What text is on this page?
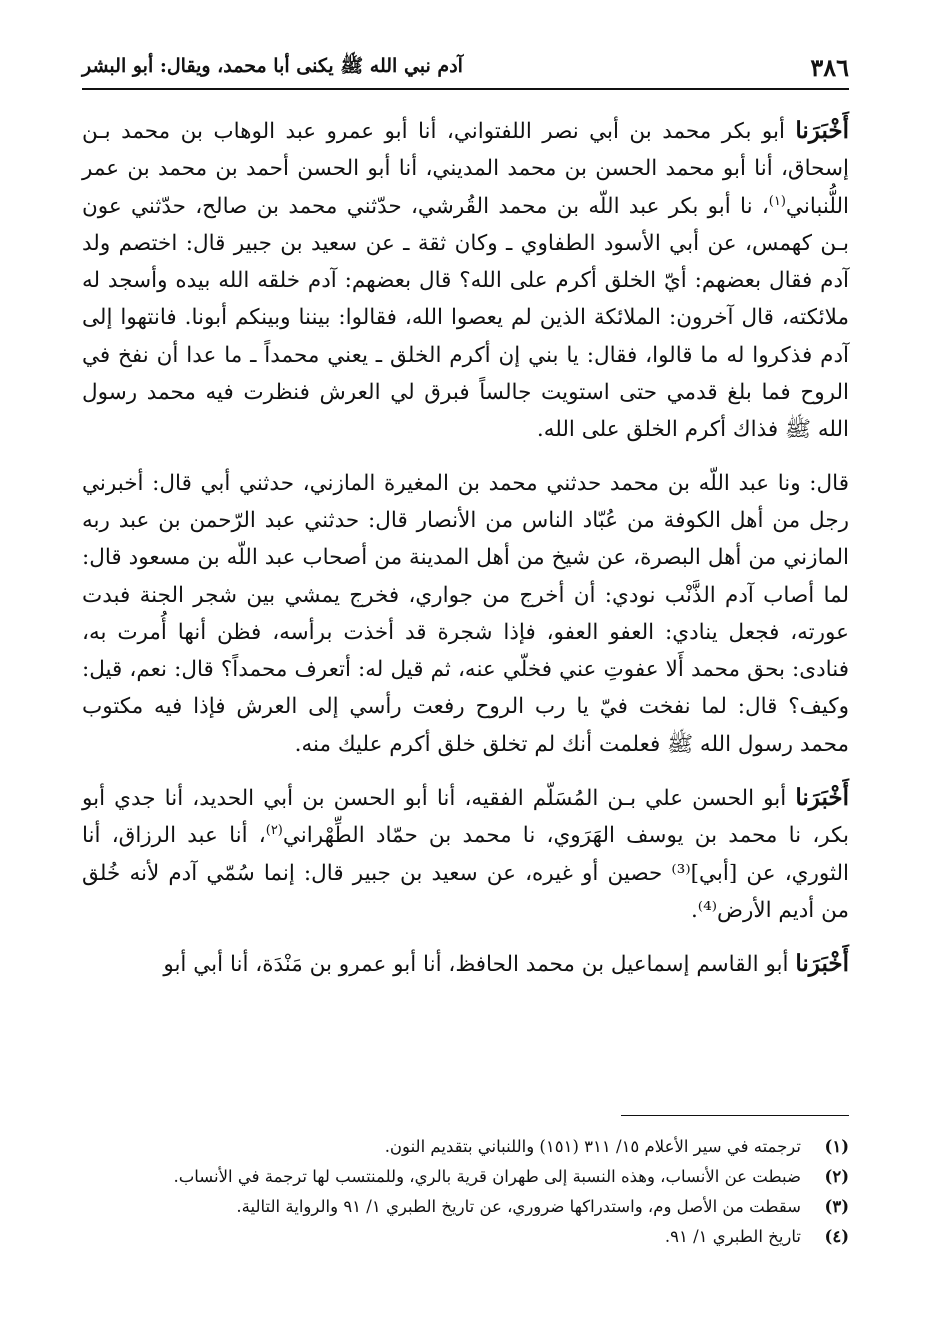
٣٨٦
آدم نبي الله ﷺ يكنى أبا محمد، ويقال: أبو البشر

أَخْبَرَنا أبو بكر محمد بن أبي نصر اللفتواني، أنا أبو عمرو عبد الوهاب بن محمد بـن إسحاق، أنا أبو محمد الحسن بن محمد المديني، أنا أبو الحسن أحمد بن محمد بن عمر اللُّنباني$^{(١)}$، نا أبو بكر عبد اللّه بن محمد القُرشي، حدّثني محمد بن صالح، حدّثني عون بـن كهمس، عن أبي الأسود الطفاوي ـ وكان ثقة ـ عن سعيد بن جبير قال: اختصم ولد آدم فقال بعضهم: أيّ الخلق أكرم على الله؟ قال بعضهم: آدم خلقه الله بيده وأسجد له ملائكته، قال آخرون: الملائكة الذين لم يعصوا الله، فقالوا: بيننا وبينكم أبونا. فانتهوا إلى آدم فذكروا له ما قالوا، فقال: يا بني إن أكرم الخلق ـ يعني محمداً ـ ما عدا أن نفخ في الروح فما بلغ قدمي حتى استويت جالساً فبرق لي العرش فنظرت فيه محمد رسول الله ﷺ فذاك أكرم الخلق على الله.

قال: ونا عبد اللّه بن محمد حدثني محمد بن المغيرة المازني، حدثني أبي قال: أخبرني رجل من أهل الكوفة من عُبّاد الناس من الأنصار قال: حدثني عبد الرّحمن بن عبد ربه المازني من أهل البصرة، عن شيخ من أهل المدينة من أصحاب عبد اللّه بن مسعود قال: لما أصاب آدم الذَّنْب نودي: أن أخرج من جواري، فخرج يمشي بين شجر الجنة فبدت عورته، فجعل ينادي: العفو العفو، فإذا شجرة قد أخذت برأسه، فظن أنها أُمرت به، فنادى: بحق محمد أَلا عفوتِ عني فخلّي عنه، ثم قيل له: أتعرف محمداً؟ قال: نعم، قيل: وكيف؟ قال: لما نفخت فيّ يا رب الروح رفعت رأسي إلى العرش فإذا فيه مكتوب محمد رسول الله ﷺ فعلمت أنك لم تخلق خلق أكرم عليك منه.

أَخْبَرَنا أبو الحسن علي بـن المُسَلّم الفقيه، أنا أبو الحسن بن أبي الحديد، أنا جدي أبو بكر، نا محمد بن يوسف الهَرَوي، نا محمد بن حمّاد الطِّهْراني$^{(٢)}$، أنا عبد الرزاق، أنا الثوري، عن [أبي]⁽³⁾ حصين أو غيره، عن سعيد بن جبير قال: إنما سُمّي آدم لأنه خُلق من أديم الأرض⁽⁴⁾.

أَخْبَرَنا أبو القاسم إسماعيل بن محمد الحافظ، أنا أبو عمرو بن مَنْدَة، أنا أبي أبو

(١)
ترجمته في سير الأعلام ١٥/ ٣١١ (١٥١) واللنباني بتقديم النون.
(٢)
ضبطت عن الأنساب، وهذه النسبة إلى طهران قرية بالري، وللمنتسب لها ترجمة في الأنساب.
(٣)
سقطت من الأصل وم، واستدراكها ضروري، عن تاريخ الطبري ١/ ٩١ والرواية التالية.
(٤)
تاريخ الطبري ١/ ٩١.
